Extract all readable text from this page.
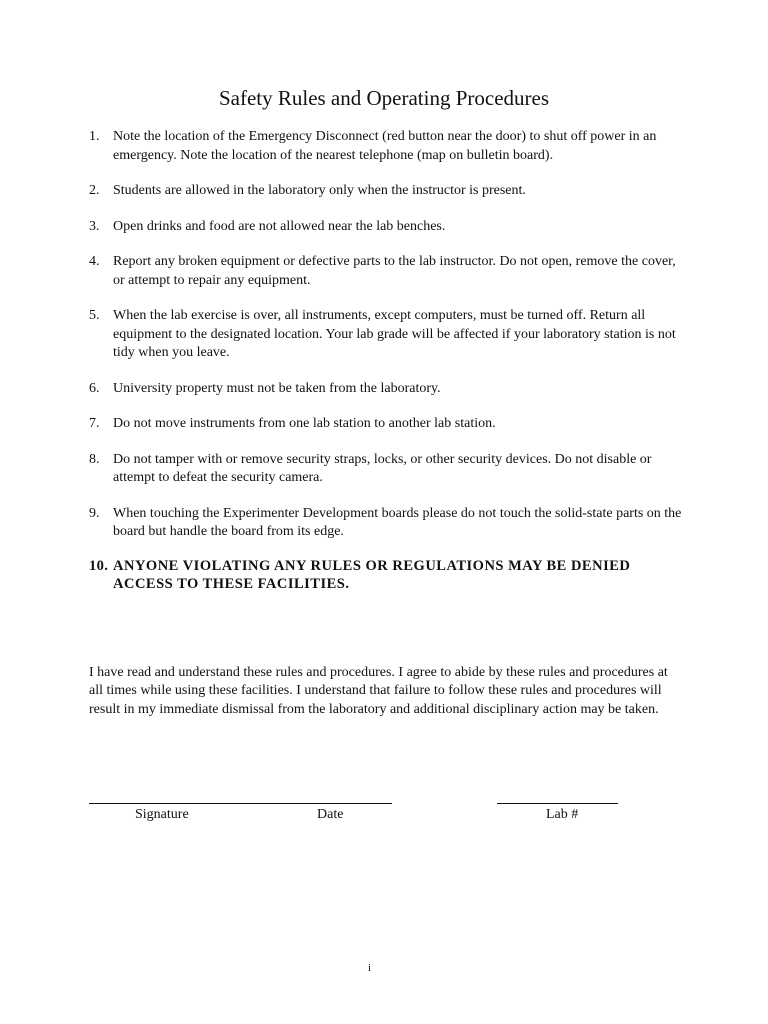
Safety Rules and Operating Procedures
1. Note the location of the Emergency Disconnect (red button near the door) to shut off power in an emergency. Note the location of the nearest telephone (map on bulletin board).
2. Students are allowed in the laboratory only when the instructor is present.
3. Open drinks and food are not allowed near the lab benches.
4. Report any broken equipment or defective parts to the lab instructor. Do not open, remove the cover, or attempt to repair any equipment.
5. When the lab exercise is over, all instruments, except computers, must be turned off. Return all equipment to the designated location. Your lab grade will be affected if your laboratory station is not tidy when you leave.
6. University property must not be taken from the laboratory.
7. Do not move instruments from one lab station to another lab station.
8. Do not tamper with or remove security straps, locks, or other security devices. Do not disable or attempt to defeat the security camera.
9. When touching the Experimenter Development boards please do not touch the solid-state parts on the board but handle the board from its edge.
10. ANYONE VIOLATING ANY RULES OR REGULATIONS MAY BE DENIED ACCESS TO THESE FACILITIES.
I have read and understand these rules and procedures. I agree to abide by these rules and procedures at all times while using these facilities. I understand that failure to follow these rules and procedures will result in my immediate dismissal from the laboratory and additional disciplinary action may be taken.
Signature	Date	Lab #
i
